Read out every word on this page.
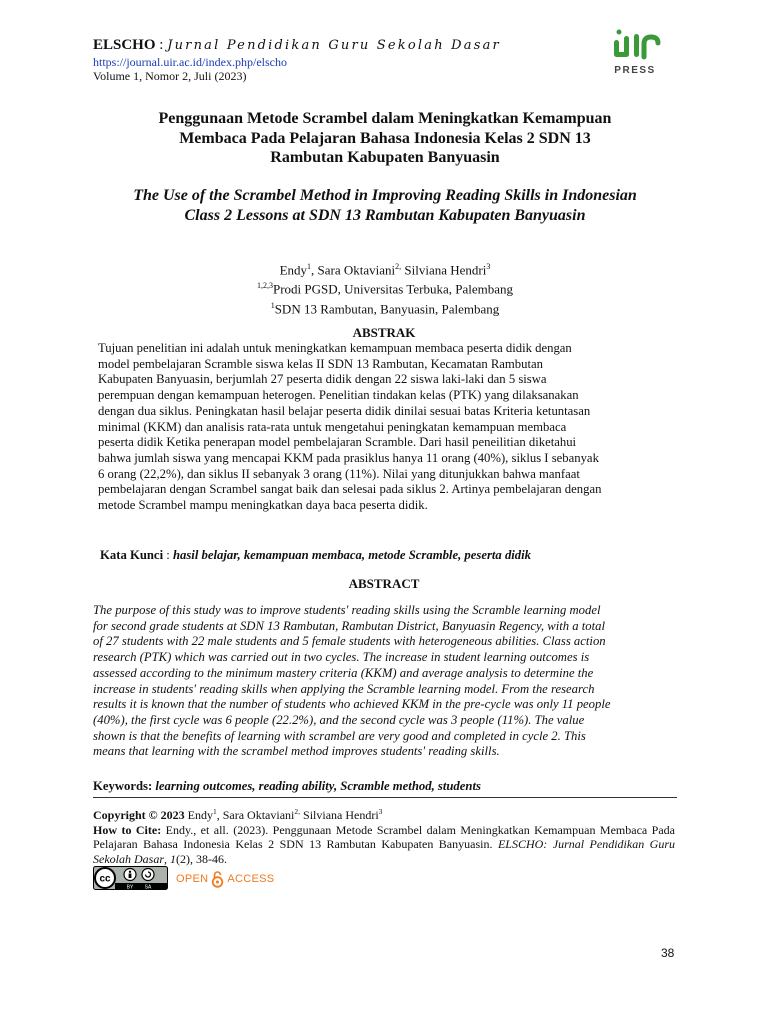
ELSCHO : Jurnal Pendidikan Guru Sekolah Dasar
https://journal.uir.ac.id/index.php/elscho
Volume 1, Nomor 2, Juli (2023)	PRESS
Penggunaan Metode Scrambel dalam Meningkatkan Kemampuan
Membaca Pada Pelajaran Bahasa Indonesia Kelas 2 SDN 13
Rambutan Kabupaten Banyuasin
The Use of the Scrambel Method in Improving Reading Skills in Indonesian
Class 2 Lessons at SDN 13 Rambutan Kabupaten Banyuasin
Endy$^1$, Sara Oktaviani$^{2,}$ Silviana Hendri$^3$
$^{1,2,3}$Prodi PGSD, Universitas Terbuka, Palembang
$^1$SDN 13 Rambutan, Banyuasin, Palembang
ABSTRAK
Tujuan penelitian ini adalah untuk meningkatkan kemampuan membaca peserta didik dengan
model pembelajaran Scramble siswa kelas II SDN 13 Rambutan, Kecamatan Rambutan
Kabupaten Banyuasin, berjumlah 27 peserta didik dengan 22 siswa laki-laki dan 5 siswa
perempuan dengan kemampuan heterogen. Penelitian tindakan kelas (PTK) yang dilaksanakan
dengan dua siklus. Peningkatan hasil belajar peserta didik dinilai sesuai batas Kriteria ketuntasan
minimal (KKM) dan analisis rata-rata untuk mengetahui peningkatan kemampuan membaca
peserta didik Ketika penerapan model pembelajaran Scramble. Dari hasil peneilitian diketahui
bahwa jumlah siswa yang mencapai KKM pada prasiklus hanya 11 orang (40%), siklus I sebanyak
6 orang (22,2%), dan siklus II sebanyak 3 orang (11%). Nilai yang ditunjukkan bahwa manfaat
pembelajaran dengan Scrambel sangat baik dan selesai pada siklus 2. Artinya pembelajaran dengan
metode Scrambel mampu meningkatkan daya baca peserta didik.
Kata Kunci : hasil belajar, kemampuan membaca, metode Scramble, peserta didik
ABSTRACT
The purpose of this study was to improve students' reading skills using the Scramble learning model
for second grade students at SDN 13 Rambutan, Rambutan District, Banyuasin Regency, with a total
of 27 students with 22 male students and 5 female students with heterogeneous abilities. Class action
research (PTK) which was carried out in two cycles. The increase in student learning outcomes is
assessed according to the minimum mastery criteria (KKM) and average analysis to determine the
increase in students' reading skills when applying the Scramble learning model. From the research
results it is known that the number of students who achieved KKM in the pre-cycle was only 11 people
(40%), the first cycle was 6 people (22.2%), and the second cycle was 3 people (11%). The value
shown is that the benefits of learning with scrambel are very good and completed in cycle 2. This
means that learning with the scrambel method improves students' reading skills.
Keywords: learning outcomes, reading ability, Scramble method, students
Copyright © 2023 Endy$^1$, Sara Oktaviani$^{2,}$ Silviana Hendri$^3$
How to Cite: Endy., et all. (2023). Penggunaan Metode Scrambel dalam Meningkatkan Kemampuan Membaca Pada Pelajaran Bahasa Indonesia Kelas 2 SDN 13 Rambutan Kabupaten Banyuasin. ELSCHO: Jurnal Pendidikan Guru Sekolah Dasar, 1(2), 38-46.
cc
BY SA
OPEN ACCESS
38
